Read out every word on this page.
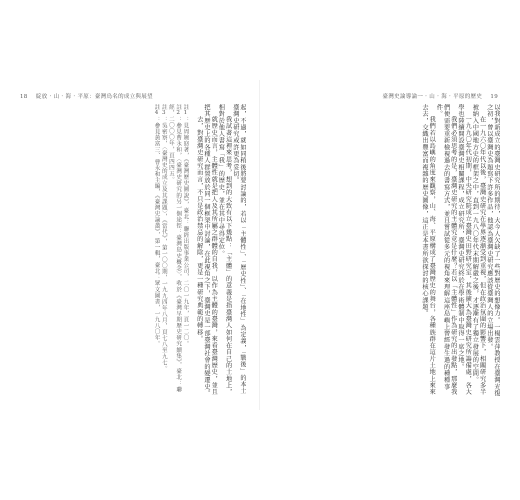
18 綻放 · 山 · 海 · 平原：臺灣鳥名的成立與展望

起，不過，就如同稍後將要討論的，若以「主體性」、「歷史性」、「在地性」為定義，「戰後」的本土臺灣史研究或許更為妥切。

我試著這裡來思考，想到的大致有以下幾點：「主體」的意義是指臺灣人如何在自己的土地上，相對於他人書寫「我」的歷史，並在其中尋得定位。

就歷史而言，主體性就是把人及其所屬之群體的自我，以作為主體的臺灣，來看臺灣歷史，並且把其歷史上的各種人群置放於同一個框架中討論，在此視角之下，臺灣史是一部臺灣社會的變遷史。

去，對臺灣史研究而言，不只是政治禁忌的解除，更是一種研究典範的轉移。

註1：見周婉窈著，《臺灣歷史圖說》，臺北：聯經出版事業公司，二〇一九年，頁一二〇。

註2：參見曹永和，〈臺灣史研究的另一個途徑：臺灣島史概念〉，收於《臺灣早期歷史研究續集》，臺北：聯經，二〇〇〇年，頁四四五。

註3：吳密察，〈臺灣史的成立及其課題〉，《當代》，第一〇〇期，一九九四年八月，頁七八至九七。

註4：參見黃富三、曹永和主編，《臺灣史論叢》，第一輯，臺北：眾文圖書，一九八〇年。

臺灣史論導論一 · 山 · 海 · 平原的歷史 19

以我對新成立的臺灣史研究所的期待，大今人欠缺了一些對歷史的想像力。一楊雲萍教授在臺灣光復之初，曾以臺灣史為題寫下許多作品，他認為臺灣史研究應該從臺灣人的立場出發。

在一九六〇年代以後，臺灣史研究在學界逐漸受到重視，但在政治氛圍的影響下，相關研究多半被納入中國地方史的框架之中，直到一九八〇年代末期解嚴之後，才逐漸有了獨立發展的空間。

一九九〇年代初期，中央研究院成立臺灣史田野研究室，其後擴大為臺灣史研究所籌備處，各大學也陸續開設臺灣史相關課程，成立研究所，臺灣史研究終於在學術體制中取得一席之地。

我們必須思考的是，臺灣史研究的主體究竟是什麼？若以「主體性」作為研究的出發點，那麼我們便需要重新檢視過去的書寫方式，並且嘗試從多元的視角來理解這座島嶼上曾經發生過的種種事件。

我們若以島嶼的角度來觀察，山、海、平原構成了臺灣歷史的舞台，各種族群在這片土地上來來去去，交織出豐富而複雜的歷史圖像，這正是本書所欲探討的核心課題。
